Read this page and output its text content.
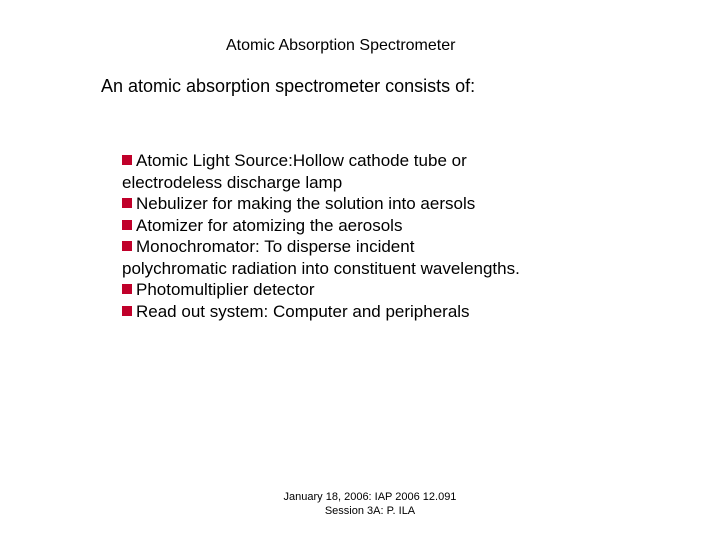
Atomic Absorption Spectrometer
An atomic absorption spectrometer consists of:
Atomic Light Source:Hollow cathode tube or electrodeless discharge lamp
Nebulizer for making the solution into aersols
Atomizer for atomizing the aerosols
Monochromator: To disperse incident polychromatic radiation into constituent wavelengths.
Photomultiplier detector
Read out system: Computer and peripherals
January 18, 2006: IAP 2006 12.091
Session 3A: P. ILA
